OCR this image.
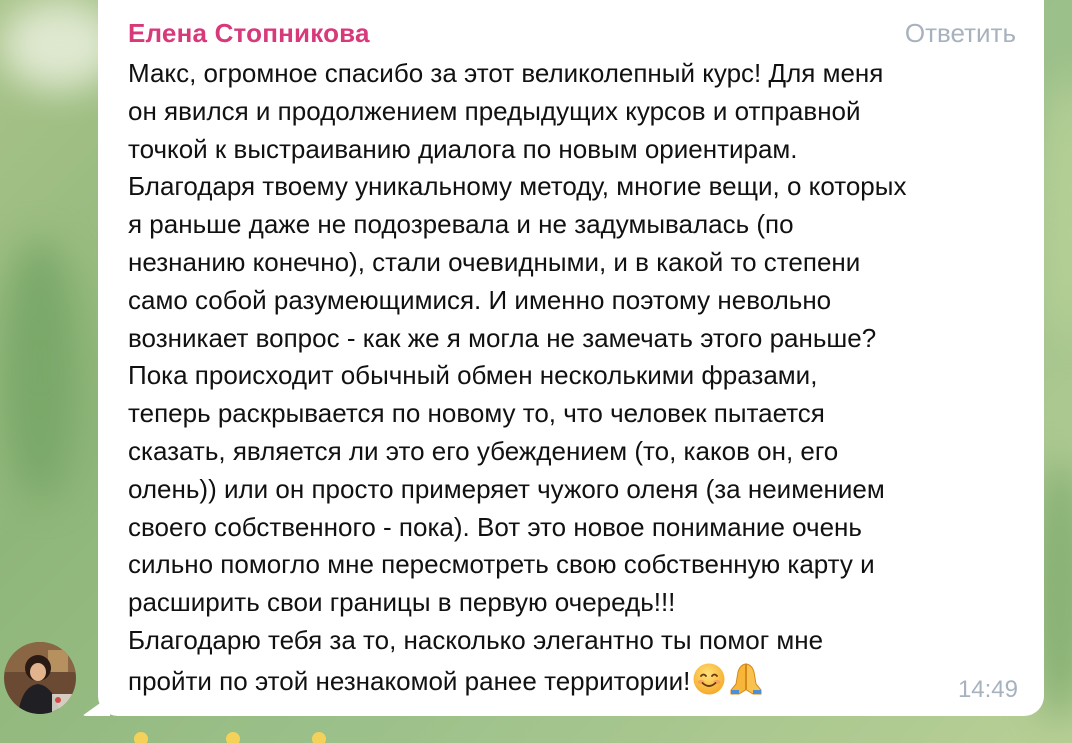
Елена Стопникова	Ответить
Макс, огромное спасибо за этот великолепный курс! Для меня
он явился и продолжением предыдущих курсов и отправной
точкой к выстраиванию диалога по новым ориентирам.
Благодаря твоему уникальному методу, многие вещи, о которых
я раньше даже не подозревала и не задумывалась (по
незнанию конечно), стали очевидными, и в какой то степени
само собой разумеющимися. И именно поэтому невольно
возникает вопрос - как же я могла не замечать этого раньше?
Пока происходит обычный обмен несколькими фразами,
теперь раскрывается по новому то, что человек пытается
сказать, является ли это его убеждением (то, каков он, его
олень)) или он просто примеряет чужого оленя (за неимением
своего собственного - пока). Вот это новое понимание очень
сильно помогло мне пересмотреть свою собственную карту и
расширить свои границы в первую очередь!!!
Благодарю тебя за то, насколько элегантно ты помог мне
пройти по этой незнакомой ранее территории!	14:49
